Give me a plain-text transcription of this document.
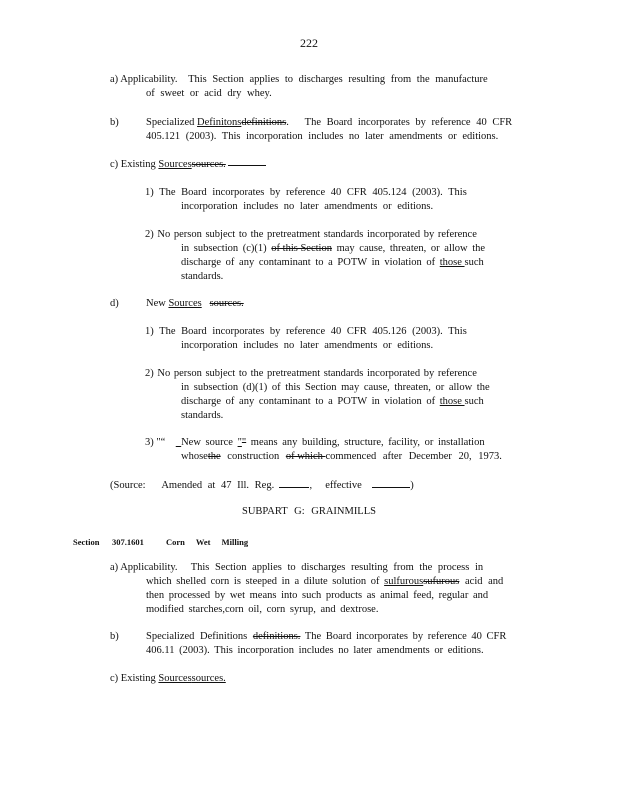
222
a) Applicability. This Section applies to discharges resulting from the manufacture
of sweet or acid dry whey.
b)	Specialized Definitonsdefinitions. The Board incorporates by reference 40 CFR
405.121 (2003). This incorporation includes no later amendments or editions.
c) Existing Sourcessources.
1) The Board incorporates by reference 40 CFR 405.124 (2003). This
incorporation includes no later amendments or editions.
2) No person subject to the pretreatment standards incorporated by reference
in subsection (c)(1) of this Section may cause, threaten, or allow the
discharge of any contaminant to a POTW in violation of those such
standards.
d)	New Sources sources.
1) The Board incorporates by reference 40 CFR 405.126 (2003). This
incorporation includes no later amendments or editions.
2) No person subject to the pretreatment standards incorporated by reference
in subsection (d)(1) of this Section may cause, threaten, or allow the
discharge of any contaminant to a POTW in violation of those such
standards.
3) "“ _New source "" means any building, structure, facility, or installation
whosethe construction of which commenced after December 20, 1973.
(Source: Amended at 47 Ill. Reg.	, effective	)
SUBPART G: GRAINMILLS
Section 307.1601	Corn Wet Milling
a) Applicability. This Section applies to discharges resulting from the process in
which shelled corn is steeped in a dilute solution of sulfuroussufurous acid and
then processed by wet means into such products as animal feed, regular and
modified starches,corn oil, corn syrup, and dextrose.
b)	Specialized Definitions definitions. The Board incorporates by reference 40 CFR
406.11 (2003). This incorporation includes no later amendments or editions.
c) Existing Sourcessources.
